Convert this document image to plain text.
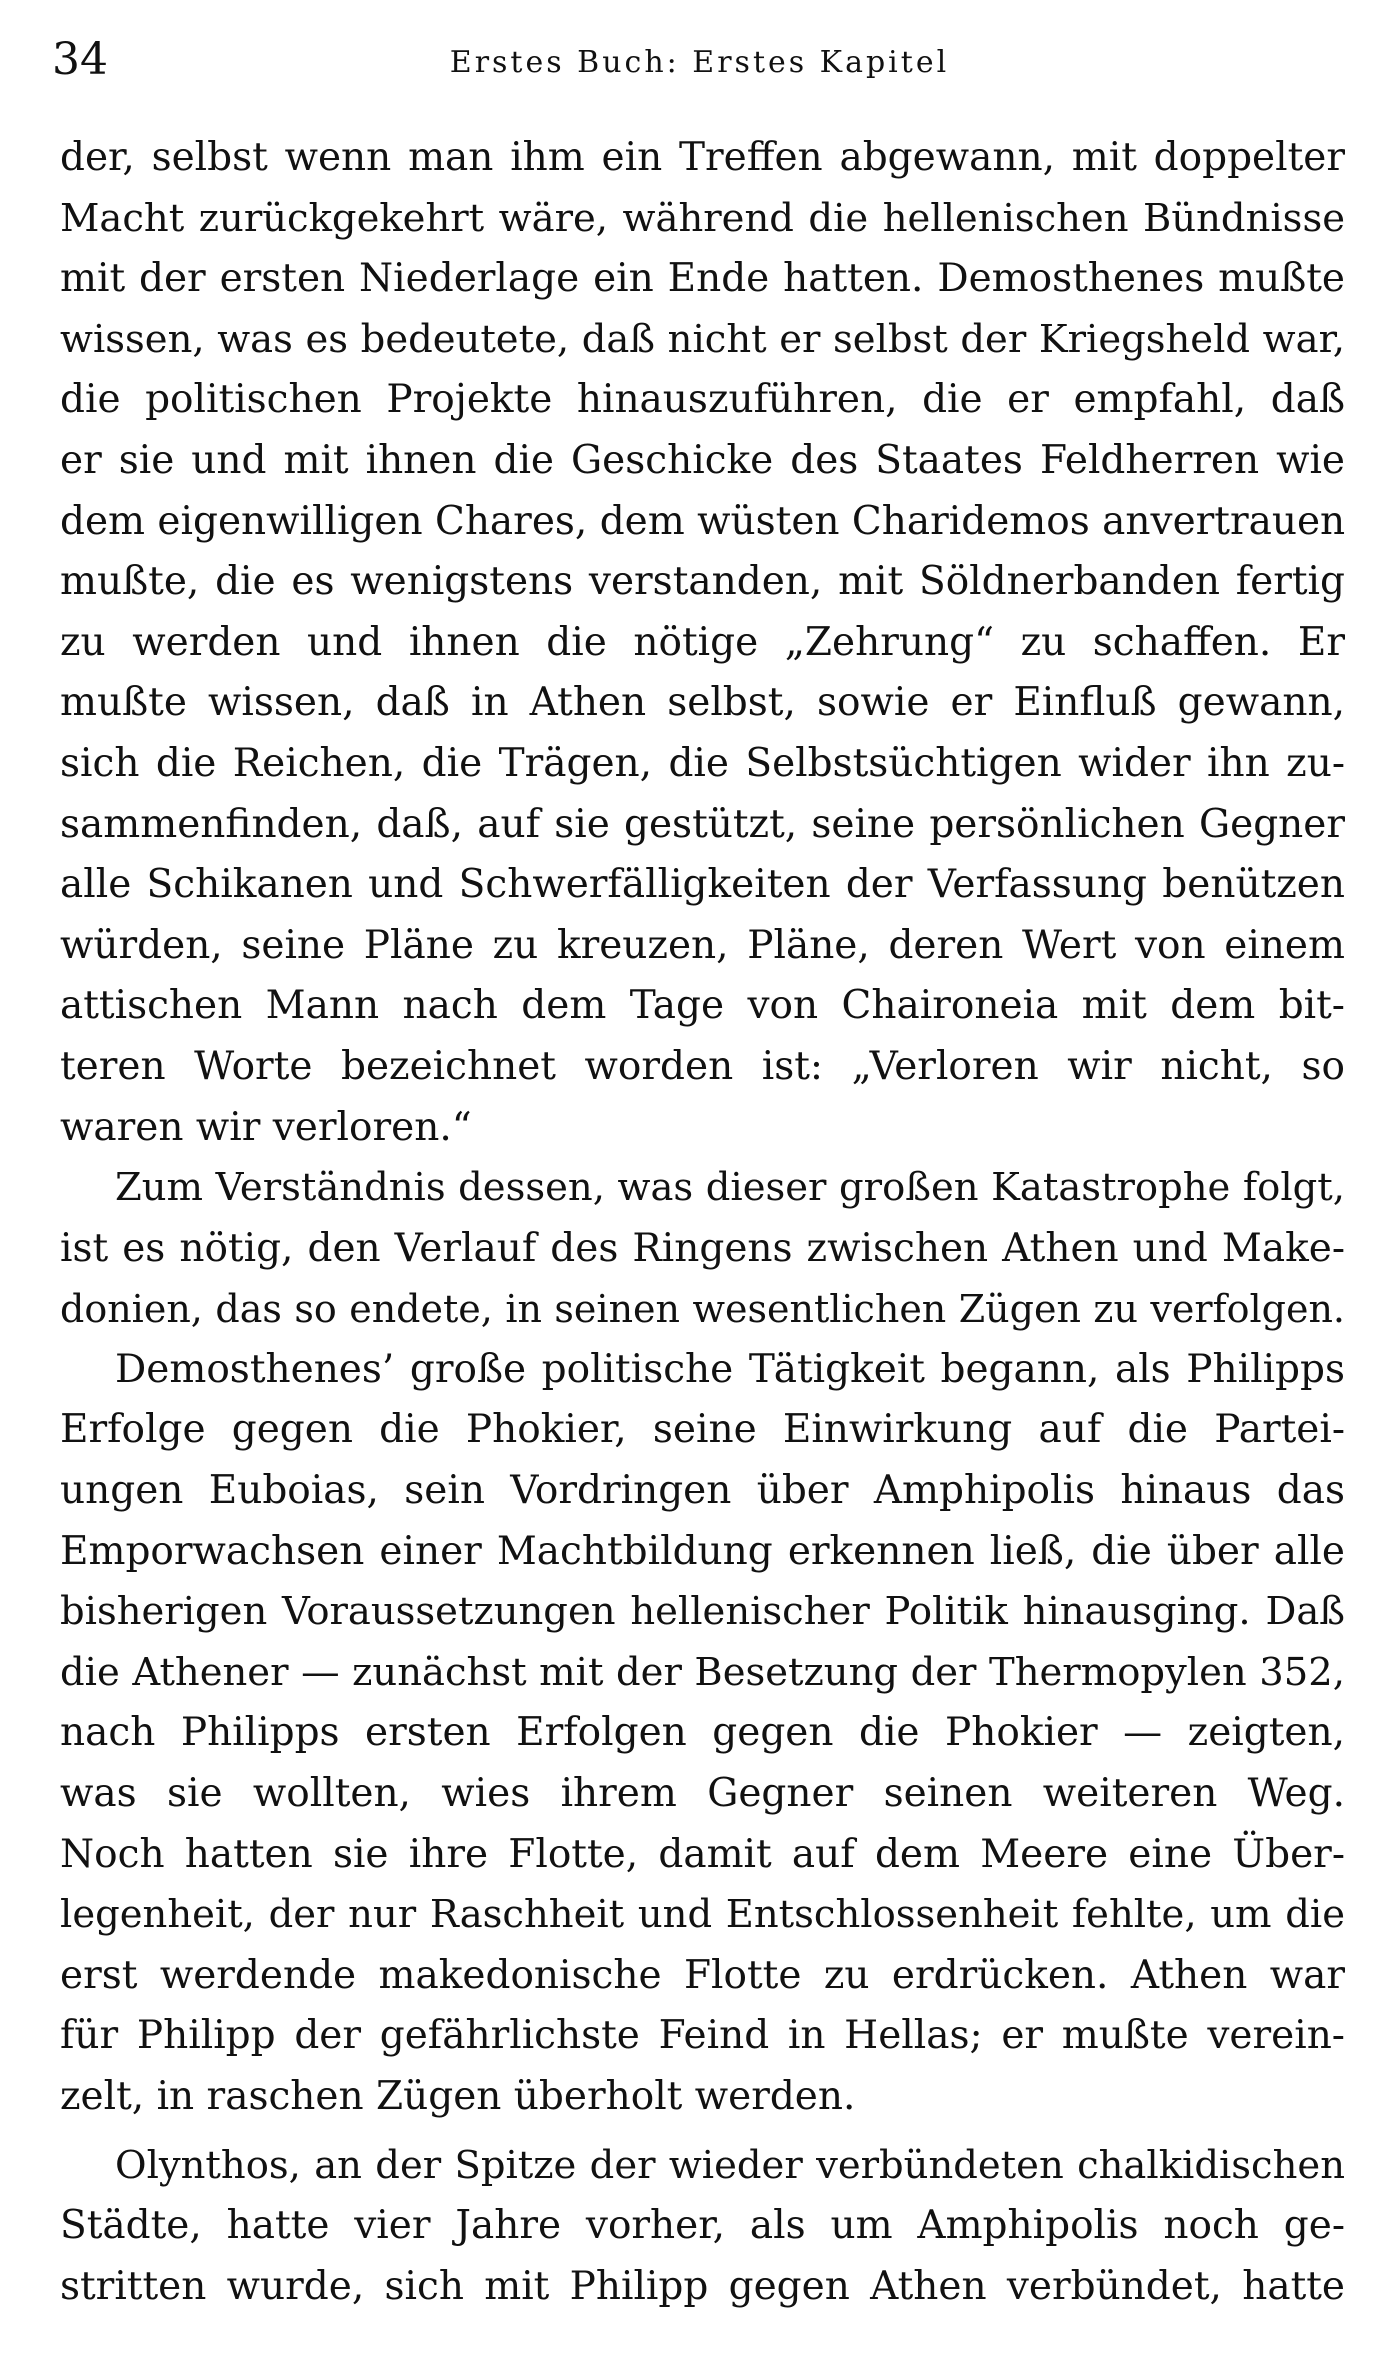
34	Erstes Buch: Erstes Kapitel
der, selbst wenn man ihm ein Treffen abgewann, mit doppelter
Macht zurückgekehrt wäre, während die hellenischen Bündnisse
mit der ersten Niederlage ein Ende hatten. Demosthenes mußte
wissen, was es bedeutete, daß nicht er selbst der Kriegsheld war,
die politischen Projekte hinauszuführen, die er empfahl, daß
er sie und mit ihnen die Geschicke des Staates Feldherren wie
dem eigenwilligen Chares, dem wüsten Charidemos anvertrauen
mußte, die es wenigstens verstanden, mit Söldnerbanden fertig
zu werden und ihnen die nötige „Zehrung“ zu schaffen. Er
mußte wissen, daß in Athen selbst, sowie er Einfluß gewann,
sich die Reichen, die Trägen, die Selbstsüchtigen wider ihn zu-
sammenfinden, daß, auf sie gestützt, seine persönlichen Gegner
alle Schikanen und Schwerfälligkeiten der Verfassung benützen
würden, seine Pläne zu kreuzen, Pläne, deren Wert von einem
attischen Mann nach dem Tage von Chaironeia mit dem bit-
teren Worte bezeichnet worden ist: „Verloren wir nicht, so
waren wir verloren.“
Zum Verständnis dessen, was dieser großen Katastrophe folgt,
ist es nötig, den Verlauf des Ringens zwischen Athen und Make-
donien, das so endete, in seinen wesentlichen Zügen zu verfolgen.
Demosthenes’ große politische Tätigkeit begann, als Philipps
Erfolge gegen die Phokier, seine Einwirkung auf die Partei-
ungen Euboias, sein Vordringen über Amphipolis hinaus das
Emporwachsen einer Machtbildung erkennen ließ, die über alle
bisherigen Voraussetzungen hellenischer Politik hinausging. Daß
die Athener — zunächst mit der Besetzung der Thermopylen 352,
nach Philipps ersten Erfolgen gegen die Phokier — zeigten,
was sie wollten, wies ihrem Gegner seinen weiteren Weg.
Noch hatten sie ihre Flotte, damit auf dem Meere eine Über-
legenheit, der nur Raschheit und Entschlossenheit fehlte, um die
erst werdende makedonische Flotte zu erdrücken. Athen war
für Philipp der gefährlichste Feind in Hellas; er mußte verein-
zelt, in raschen Zügen überholt werden.
Olynthos, an der Spitze der wieder verbündeten chalkidischen
Städte, hatte vier Jahre vorher, als um Amphipolis noch ge-
stritten wurde, sich mit Philipp gegen Athen verbündet, hatte
